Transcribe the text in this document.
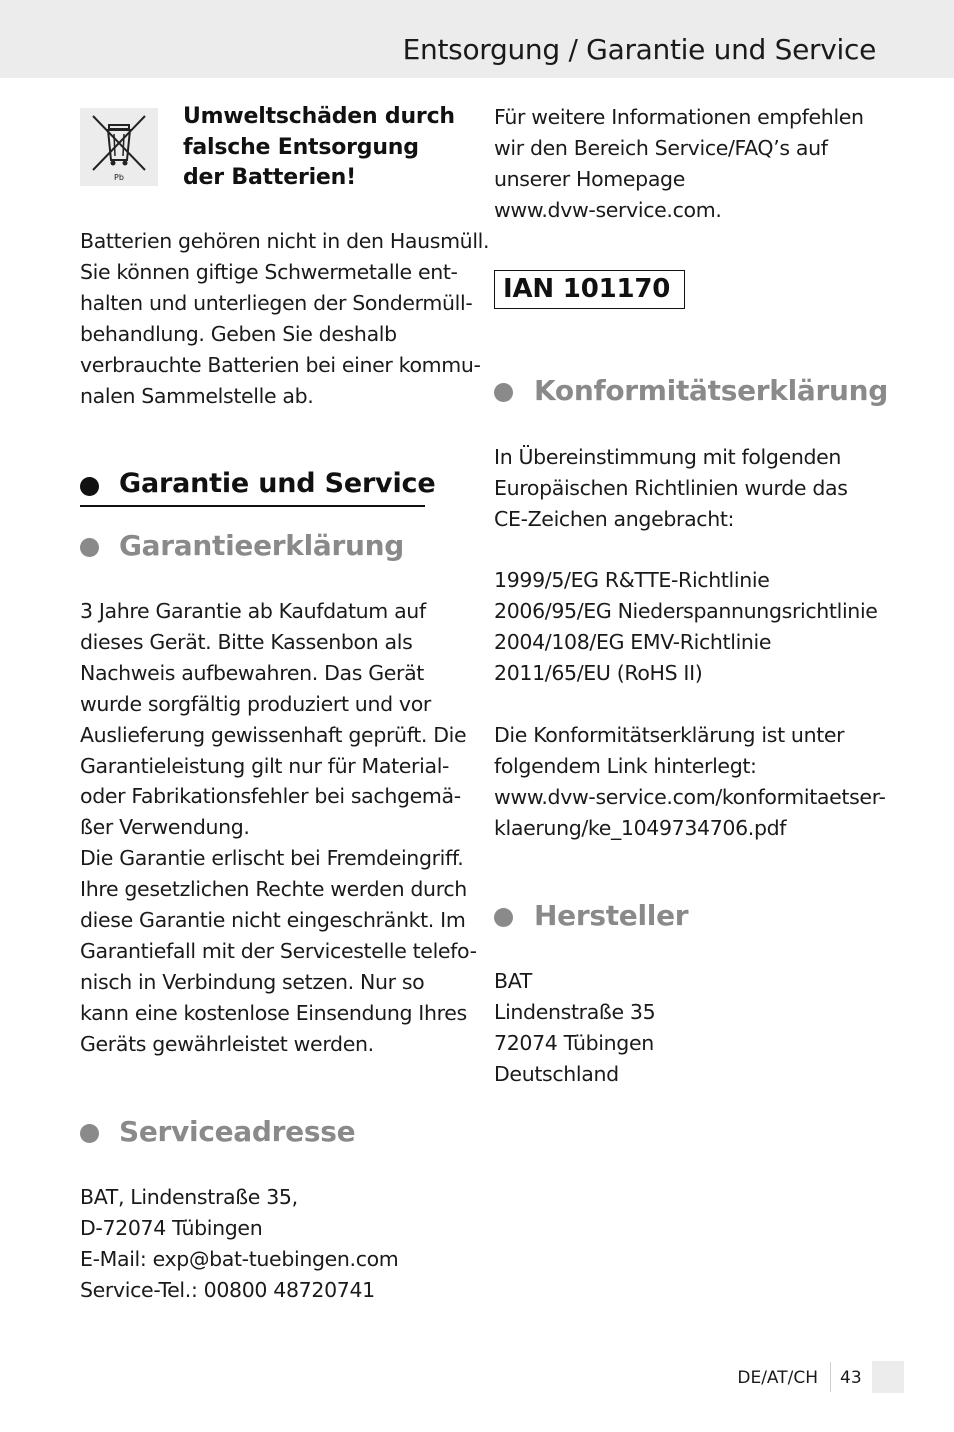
Entsorgung / Garantie und Service
Pb
Umweltschäden durch
falsche Entsorgung
der Batterien!

Batterien gehören nicht in den Hausmüll.
Sie können giftige Schwermetalle ent-
halten und unterliegen der Sondermüll-
behandlung. Geben Sie deshalb
verbrauchte Batterien bei einer kommu-
nalen Sammelstelle ab.

Garantie und Service
Garantieerklärung

3 Jahre Garantie ab Kaufdatum auf
dieses Gerät. Bitte Kassenbon als
Nachweis aufbewahren. Das Gerät
wurde sorgfältig produziert und vor
Auslieferung gewissenhaft geprüft. Die
Garantieleistung gilt nur für Material-
oder Fabrikationsfehler bei sachgemä-
ßer Verwendung.
Die Garantie erlischt bei Fremdeingriff.
Ihre gesetzlichen Rechte werden durch
diese Garantie nicht eingeschränkt. Im
Garantiefall mit der Servicestelle telefo-
nisch in Verbindung setzen. Nur so
kann eine kostenlose Einsendung Ihres
Geräts gewährleistet werden.

Serviceadresse

BAT, Lindenstraße 35,
D-72074 Tübingen
E-Mail: exp@bat-tuebingen.com
Service-Tel.: 00800 48720741

Für weitere Informationen empfehlen
wir den Bereich Service/FAQ’s auf
unserer Homepage
www.dvw-service.com.

IAN 101170
Konformitätserklärung

In Übereinstimmung mit folgenden
Europäischen Richtlinien wurde das
CE-Zeichen angebracht:

1999/5/EG R&TTE-Richtlinie
2006/95/EG Niederspannungsrichtlinie
2004/108/EG EMV-Richtlinie
2011/65/EU (RoHS II)

Die Konformitätserklärung ist unter
folgendem Link hinterlegt:
www.dvw-service.com/konformitaetser-
klaerung/ke_1049734706.pdf

Hersteller

BAT
Lindenstraße 35
72074 Tübingen
Deutschland

DE/AT/CH 43
